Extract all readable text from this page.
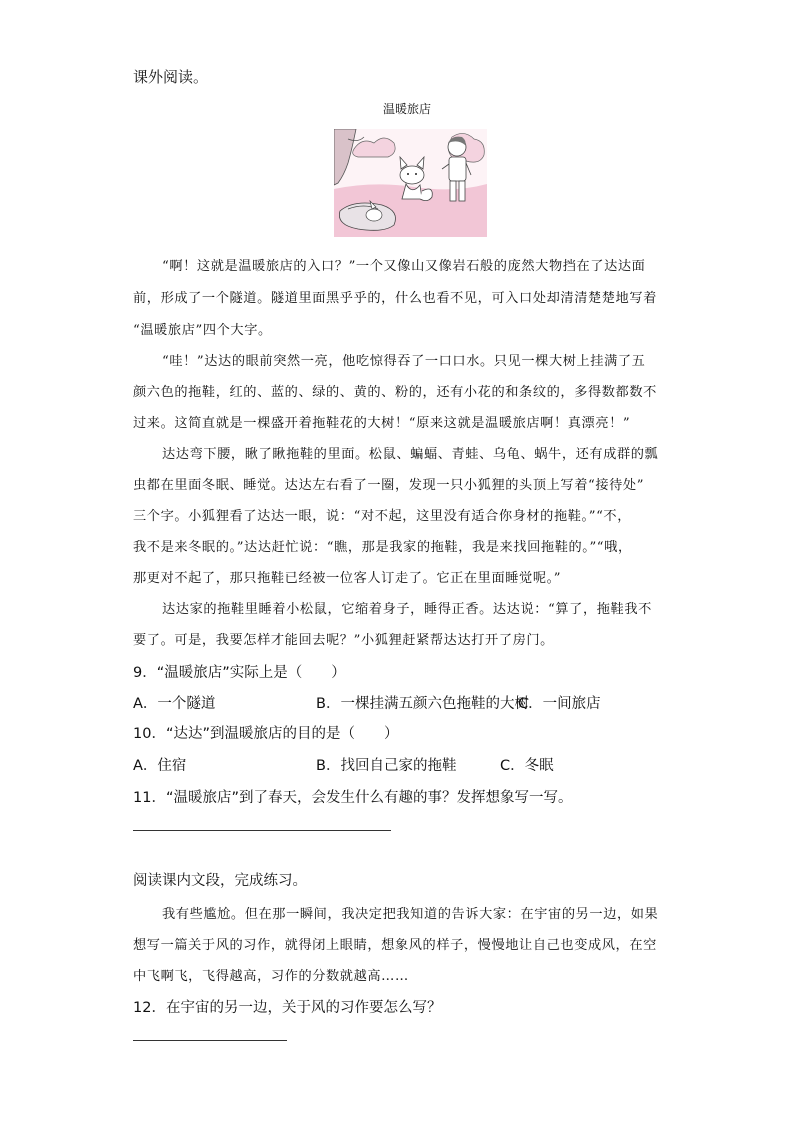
课外阅读。
温暖旅店
“啊！这就是温暖旅店的入口？”一个又像山又像岩石般的庞然大物挡在了达达面
前，形成了一个隧道。隧道里面黑乎乎的，什么也看不见，可入口处却清清楚楚地写着
“温暖旅店”四个大字。
“哇！”达达的眼前突然一亮，他吃惊得吞了一口口水。只见一棵大树上挂满了五
颜六色的拖鞋，红的、蓝的、绿的、黄的、粉的，还有小花的和条纹的，多得数都数不
过来。这简直就是一棵盛开着拖鞋花的大树！“原来这就是温暖旅店啊！真漂亮！”
达达弯下腰，瞅了瞅拖鞋的里面。松鼠、蝙蝠、青蛙、乌龟、蜗牛，还有成群的瓢
虫都在里面冬眠、睡觉。达达左右看了一圈，发现一只小狐狸的头顶上写着“接待处”
三个字。小狐狸看了达达一眼，说：“对不起，这里没有适合你身材的拖鞋。”“不，
我不是来冬眠的。”达达赶忙说：“瞧，那是我家的拖鞋，我是来找回拖鞋的。”“哦，
那更对不起了，那只拖鞋已经被一位客人订走了。它正在里面睡觉呢。”
达达家的拖鞋里睡着小松鼠，它缩着身子，睡得正香。达达说：“算了，拖鞋我不
要了。可是，我要怎样才能回去呢？”小狐狸赶紧帮达达打开了房门。
9．“温暖旅店”实际上是（　　）
A．一个隧道	B．一棵挂满五颜六色拖鞋的大树
C．一间旅店
10．“达达”到温暖旅店的目的是（　　）
A．住宿	B．找回自己家的拖鞋	C．冬眠
11．“温暖旅店”到了春天，会发生什么有趣的事？发挥想象写一写。
阅读课内文段，完成练习。
我有些尴尬。但在那一瞬间，我决定把我知道的告诉大家：在宇宙的另一边，如果
想写一篇关于风的习作，就得闭上眼睛，想象风的样子，慢慢地让自己也变成风，在空
中飞啊飞，飞得越高，习作的分数就越高……
12．在宇宙的另一边，关于风的习作要怎么写？
